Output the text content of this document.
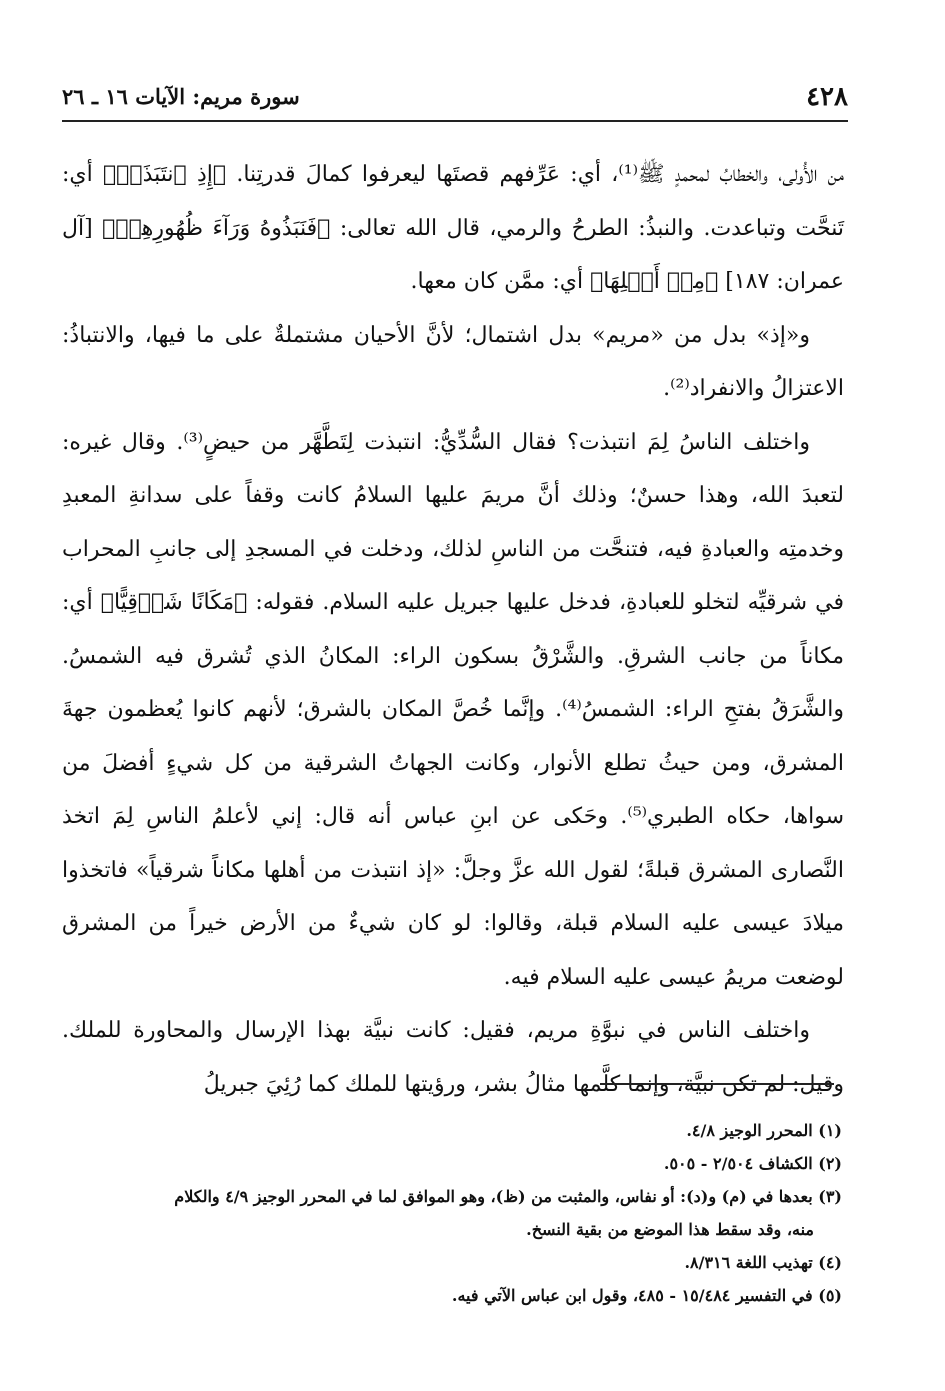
٤٢٨
سورة مريم: الآيات ١٦ ـ ٢٦

من الأُولى، والخطابُ لمحمدٍ ﷺ⁽¹⁾، أي: عَرِّفهم قصتَها ليعرفوا كمالَ قدرتِنا. ﴿إِذِ ٱنتَبَذَتۡ﴾ أي: تَنحَّت وتباعدت. والنبذُ: الطرحُ والرمي، قال الله تعالى: ﴿فَنَبَذُوهُ وَرَآءَ ظُهُورِهِمۡ﴾ [آل عمران: ١٨٧] ﴿مِنۡ أَهۡلِهَا﴾ أي: ممَّن كان معها.

و«إذ» بدل من «مريم» بدل اشتمال؛ لأنَّ الأحيان مشتملةٌ على ما فيها، والانتباذُ: الاعتزالُ والانفراد⁽²⁾.

واختلف الناسُ لِمَ انتبذت؟ فقال السُّدِّيُّ: انتبذت لِتَطَّهَّر من حيضٍ⁽³⁾. وقال غيره: لتعبدَ الله، وهذا حسنٌ؛ وذلك أنَّ مريمَ عليها السلامُ كانت وقفاً على سدانةِ المعبدِ وخدمتِه والعبادةِ فيه، فتنحَّت من الناسِ لذلك، ودخلت في المسجدِ إلى جانبِ المحراب في شرقيِّه لتخلو للعبادةِ، فدخل عليها جبريل عليه السلام. فقوله: ﴿مَكَانًا شَرۡقِيًّا﴾ أي: مكاناً من جانب الشرقِ. والشَّرْقُ بسكون الراء: المكانُ الذي تُشرق فيه الشمسُ. والشَّرَقُ بفتحِ الراء: الشمسُ⁽⁴⁾. وإنَّما خُصَّ المكان بالشرق؛ لأنهم كانوا يُعظمون جهةَ المشرق، ومن حيثُ تطلع الأنوار، وكانت الجهاتُ الشرقية من كل شيءٍ أفضلَ من سواها، حكاه الطبري⁽⁵⁾. وحَكى عن ابنِ عباس أنه قال: إني لأعلمُ الناسِ لِمَ اتخذ النَّصارى المشرق قبلةً؛ لقول الله عزَّ وجلَّ: «إذ انتبذت من أهلها مكاناً شرقياً» فاتخذوا ميلادَ عيسى عليه السلام قبلة، وقالوا: لو كان شيءٌ من الأرض خيراً من المشرق لوضعت مريمُ عيسى عليه السلام فيه.

واختلف الناس في نبوَّةِ مريم، فقيل: كانت نبيَّة بهذا الإرسال والمحاورة للملك. وقيل: لم تكن نبيَّة، وإنما كلَّمها مثالُ بشر، ورؤيتها للملك كما رُئِيَ جبريلُ

(١) المحرر الوجيز ٤/٨.

(٢) الكشاف ٢/٥٠٤ - ٥٠٥.

(٣) بعدها في (م) و(د): أو نفاس، والمثبت من (ظ)، وهو الموافق لما في المحرر الوجيز ٤/٩ والكلام

منه، وقد سقط هذا الموضع من بقية النسخ.

(٤) تهذيب اللغة ٨/٣١٦.

(٥) في التفسير ١٥/٤٨٤ - ٤٨٥، وقول ابن عباس الآتي فيه.
